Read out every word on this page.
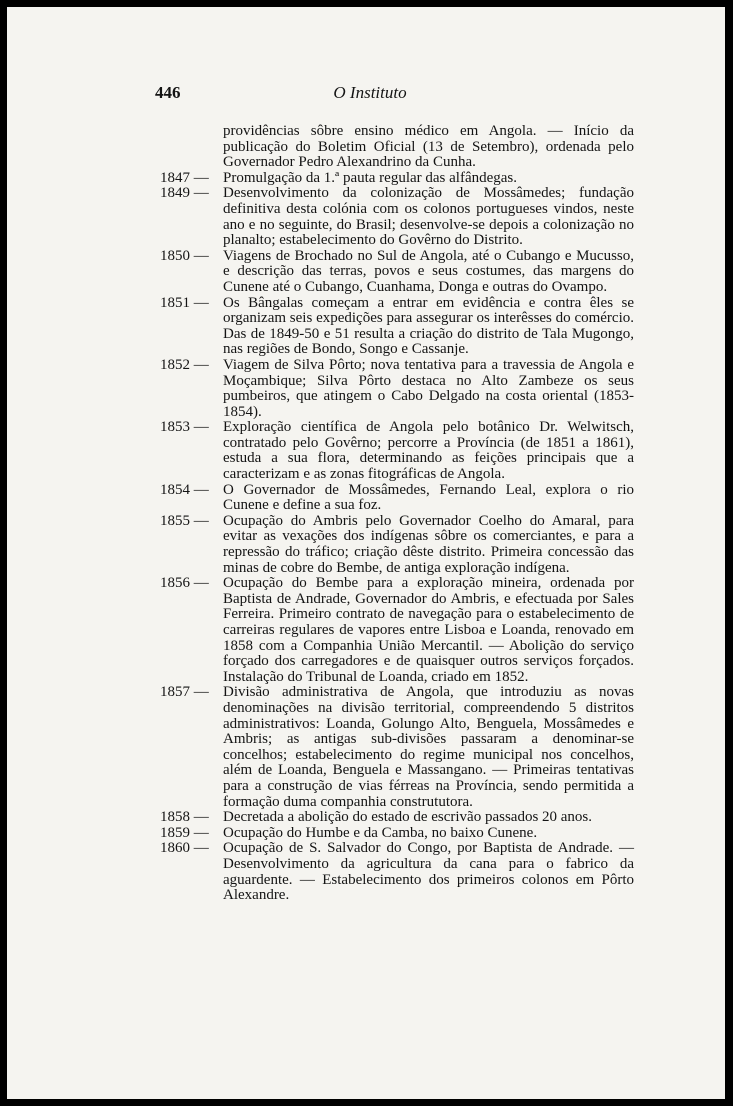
446	O Instituto

providências sôbre ensino médico em Angola. — Início da publicação do Boletim Oficial (13 de Setembro), ordenada pelo Governador Pedro Alexandrino da Cunha.

1847 — Promulgação da 1.ª pauta regular das alfândegas.

1849 — Desenvolvimento da colonização de Mossâmedes; fundação definitiva desta colónia com os colonos portugueses vindos, neste ano e no seguinte, do Brasil; desenvolve-se depois a colonização no planalto; estabelecimento do Govêrno do Distrito.

1850 — Viagens de Brochado no Sul de Angola, até o Cubango e Mucusso, e descrição das terras, povos e seus costumes, das margens do Cunene até o Cubango, Cuanhama, Donga e outras do Ovampo.

1851 — Os Bângalas começam a entrar em evidência e contra êles se organizam seis expedições para assegurar os interêsses do comércio. Das de 1849-50 e 51 resulta a criação do distrito de Tala Mugongo, nas regiões de Bondo, Songo e Cassanje.

1852 — Viagem de Silva Pôrto; nova tentativa para a travessia de Angola e Moçambique; Silva Pôrto destaca no Alto Zambeze os seus pumbeiros, que atingem o Cabo Delgado na costa oriental (1853-1854).

1853 — Exploração científica de Angola pelo botânico Dr. Welwitsch, contratado pelo Govêrno; percorre a Província (de 1851 a 1861), estuda a sua flora, determinando as feições principais que a caracterizam e as zonas fitográficas de Angola.

1854 — O Governador de Mossâmedes, Fernando Leal, explora o rio Cunene e define a sua foz.

1855 — Ocupação do Ambris pelo Governador Coelho do Amaral, para evitar as vexações dos indígenas sôbre os comerciantes, e para a repressão do tráfico; criação dêste distrito. Primeira concessão das minas de cobre do Bembe, de antiga exploração indígena.

1856 — Ocupação do Bembe para a exploração mineira, ordenada por Baptista de Andrade, Governador do Ambris, e efectuada por Sales Ferreira. Primeiro contrato de navegação para o estabelecimento de carreiras regulares de vapores entre Lisboa e Loanda, renovado em 1858 com a Companhia União Mercantil. — Abolição do serviço forçado dos carregadores e de quaisquer outros serviços forçados. Instalação do Tribunal de Loanda, criado em 1852.

1857 — Divisão administrativa de Angola, que introduziu as novas denominações na divisão territorial, compreendendo 5 distritos administrativos: Loanda, Golungo Alto, Benguela, Mossâmedes e Ambris; as antigas sub-divisões passaram a denominar-se concelhos; estabelecimento do regime municipal nos concelhos, além de Loanda, Benguela e Massangano. — Primeiras tentativas para a construção de vias férreas na Província, sendo permitida a formação duma companhia constrututora.

1858 — Decretada a abolição do estado de escrivão passados 20 anos.

1859 — Ocupação do Humbe e da Camba, no baixo Cunene.

1860 — Ocupação de S. Salvador do Congo, por Baptista de Andrade. — Desenvolvimento da agricultura da cana para o fabrico da aguardente. — Estabelecimento dos primeiros colonos em Pôrto Alexandre.
